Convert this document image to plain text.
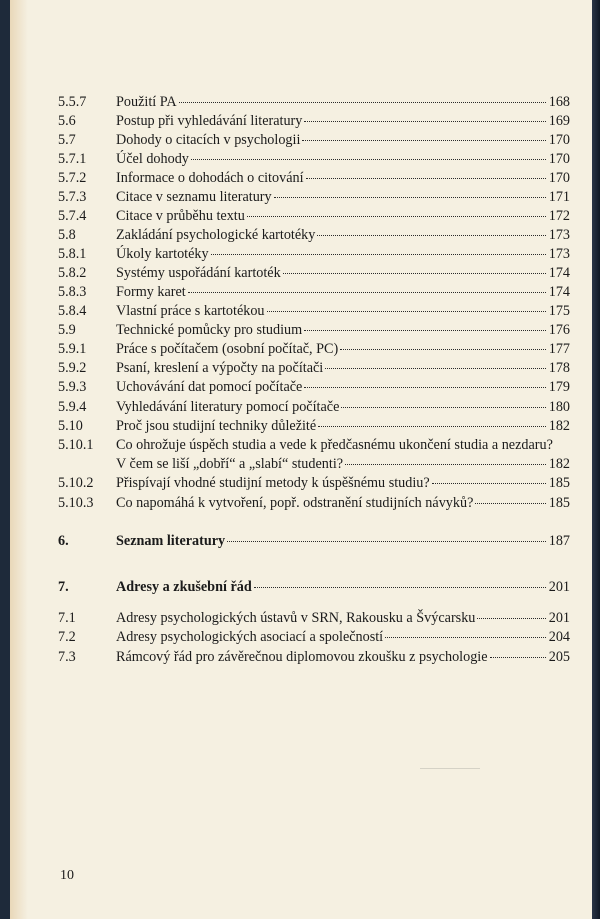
5.5.7 Použití PA	168
5.6	Postup při vyhledávání literatury	169
5.7	Dohody o citacích v psychologii	170
5.7.1 Účel dohody	170
5.7.2 Informace o dohodách o citování	170
5.7.3 Citace v seznamu literatury	171
5.7.4 Citace v průběhu textu	172
5.8	Zakládání psychologické kartotéky	173
5.8.1 Úkoly kartotéky	173
5.8.2 Systémy uspořádání kartoték	174
5.8.3 Formy karet	174
5.8.4 Vlastní práce s kartotékou	175
5.9	Technické pomůcky pro studium	176
5.9.1 Práce s počítačem (osobní počítač, PC)	177
5.9.2 Psaní, kreslení a výpočty na počítači	178
5.9.3 Uchovávání dat pomocí počítače	179
5.9.4 Vyhledávání literatury pomocí počítače	180
5.10 Proč jsou studijní techniky důležité	182
5.10.1 Co ohrožuje úspěch studia a vede k předčasnému ukončení studia a nezdaru?
V čem se liší „dobří“ a „slabí“ studenti?	182
5.10.2 Přispívají vhodné studijní metody k úspěšnému studiu?	185
5.10.3 Co napomáhá k vytvoření, popř. odstranění studijních návyků?	185
6.	Seznam literatury	187
7.	Adresy a zkušební řád	201
7.1	Adresy psychologických ústavů v SRN, Rakousku a Švýcarsku	201
7.2	Adresy psychologických asociací a společností	204
7.3	Rámcový řád pro závěrečnou diplomovou zkoušku z psychologie	205
10
